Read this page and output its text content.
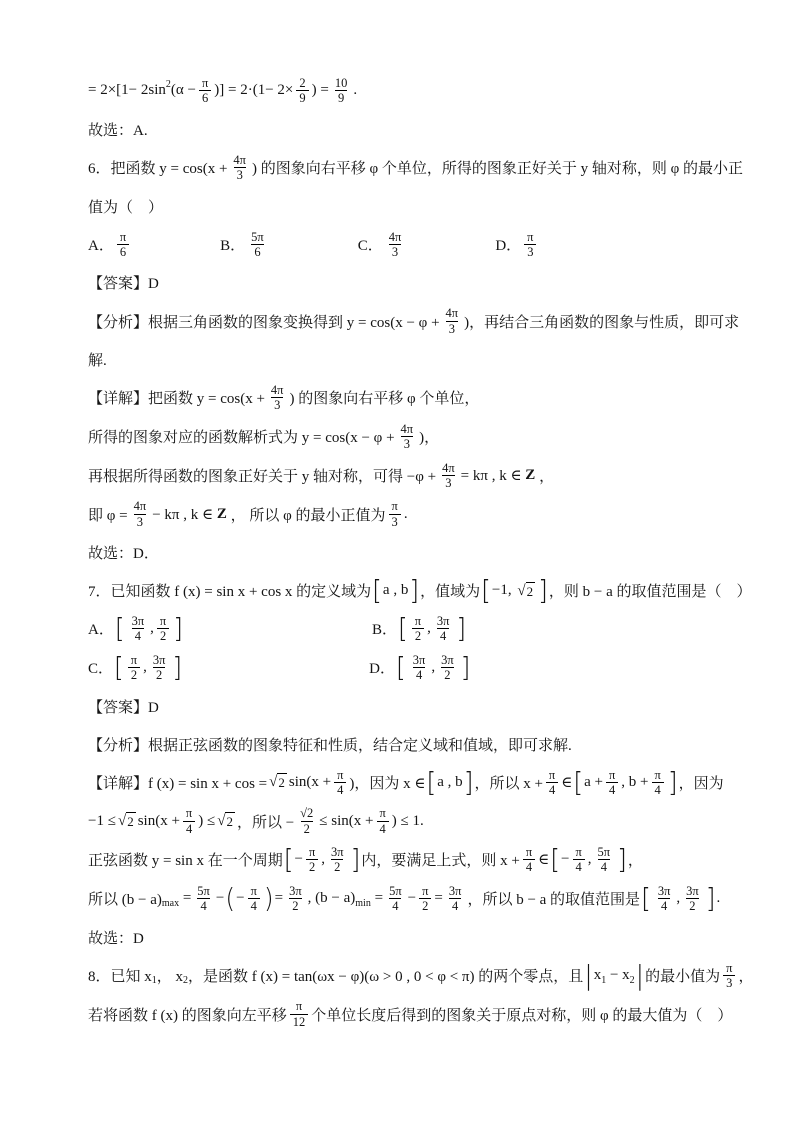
= 2×[1− 2sin 2 ($\alpha - \frac{\pi}{6}$ )] = $2\cdot(1- 2\times \frac{2}{9}$ ) = $\frac{10}{9}$ .
故选：A.
6．把函数 $y = \cos(x + \frac{4\pi}{3}$ ) 的图象向右平移 φ 个单位，所得的图象正好关于 y 轴对称，则 φ 的最小正
值为（　）
A． $\frac{\pi}{6}$	B． $\frac{5\pi}{6}$	C． $\frac{4\pi}{3}$	D． $\frac{\pi}{3}$
【答案】D
【分析】根据三角函数的图象变换得到 $y = \cos(x - \varphi + \frac{4\pi}{3}$ )，再结合三角函数的图象与性质，即可求
解.
【详解】把函数 $y = \cos(x + \frac{4\pi}{3}$ ) 的图象向右平移 φ 个单位，
所得的图象对应的函数解析式为 $y = \cos(x - \varphi + \frac{4\pi}{3}$ )，
再根据所得函数的图象正好关于 y 轴对称，可得 $-\varphi + \frac{4\pi}{3} = k\pi$ , k ∈ Z ，
即 $\varphi = \frac{4\pi}{3} - k\pi$ , k ∈ Z ， 所以 φ 的最小正值为 $\frac{\pi}{3}$ .
故选：D．
7．已知函数 f (x) = sin x + cos x 的定义域为 [ a , b ] ，值域为 [ −1, √ 2 ] ，则 b − a 的取值范围是（　）
A． [ $\frac{3\pi}{4}$ , $\frac{\pi}{2}$ ]	B． [ $\frac{\pi}{2}$ , $\frac{3\pi}{4}$ ]
C． [ $\frac{\pi}{2}$ , $\frac{3\pi}{2}$ ]	D． [ $\frac{3\pi}{4}$ , $\frac{3\pi}{2}$ ]
【答案】D
【分析】根据正弦函数的图象特征和性质，结合定义域和值域，即可求解.
【详解】f (x) = sin x + cos = √ 2 $\sin(x + \frac{\pi}{4}$ )，因为 x ∈ [ a , b ] ，所以 $x + \frac{\pi}{4}$ ∈ [ $a + \frac{\pi}{4}$ , $b + \frac{\pi}{4}$ ] ，因为
−1 ≤ √ 2 $\sin(x + \frac{\pi}{4}$ ) ≤ √ 2 ，所以 − $\frac{√2}{2} \le \sin(x + \frac{\pi}{4}$ ) ≤ 1.
正弦函数 y = sin x 在一个周期 [ − $\frac{\pi}{2}$ , $\frac{3\pi}{2}$ ] 内，要满足上式，则 $x + \frac{\pi}{4}$ ∈ [ − $\frac{\pi}{4}$ , $\frac{5\pi}{4}$ ] ，
所以 (b − a) $\max = \frac{5\pi}{4}$ − ( − $\frac{\pi}{4}$ ) = $\frac{3\pi}{2}$ , (b − a) $\min = \frac{5\pi}{4} - \frac{\pi}{2} = \frac{3\pi}{4}$ ，所以 b − a 的取值范围是 [ $\frac{3\pi}{4}$ , $\frac{3\pi}{2}$ ] .
故选：D
8．已知 x 1 ， x 2 ，是函数 f (x) = tan(ωx − φ)(ω > 0 , 0 < φ < π) 的两个零点，且 | x 1 − x 2 | 的最小值为 $\frac{\pi}{3}$ ，
若将函数 f (x) 的图象向左平移 $\frac{\pi}{12}$ 个单位长度后得到的图象关于原点对称，则 φ 的最大值为（　）
